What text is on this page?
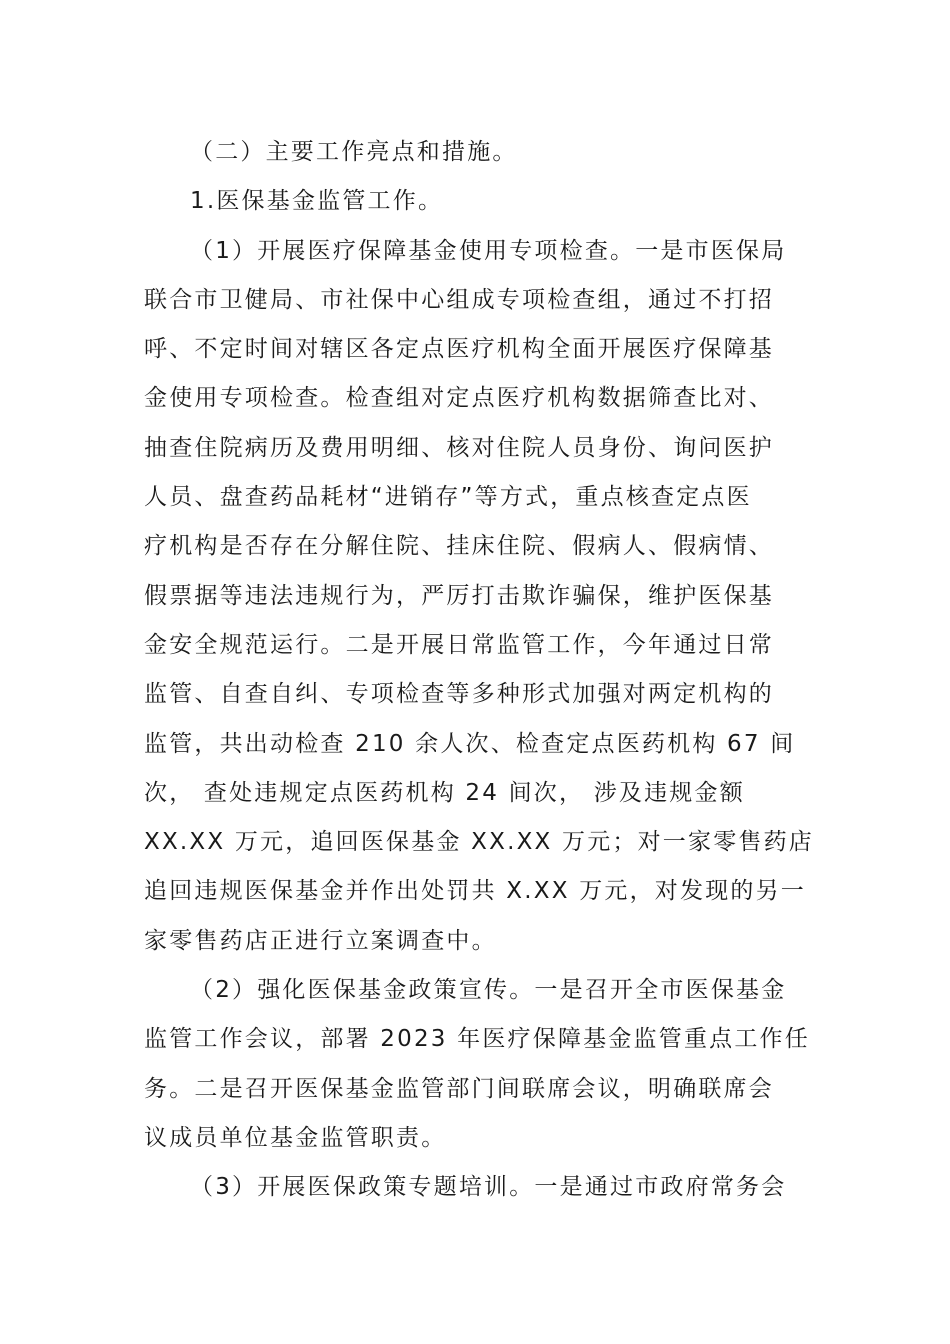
（二）主要工作亮点和措施。

1.医保基金监管工作。

（1）开展医疗保障基金使用专项检查。一是市医保局
联合市卫健局、市社保中心组成专项检查组，通过不打招
呼、不定时间对辖区各定点医疗机构全面开展医疗保障基
金使用专项检查。检查组对定点医疗机构数据筛查比对、
抽查住院病历及费用明细、核对住院人员身份、询问医护
人员、盘查药品耗材“进销存”等方式，重点核查定点医
疗机构是否存在分解住院、挂床住院、假病人、假病情、
假票据等违法违规行为，严厉打击欺诈骗保，维护医保基
金安全规范运行。二是开展日常监管工作，今年通过日常
监管、自查自纠、专项检查等多种形式加强对两定机构的
监管，共出动检查 210 余人次、检查定点医药机构 67 间
次， 查处违规定点医药机构 24 间次， 涉及违规金额
XX.XX 万元，追回医保基金 XX.XX 万元；对一家零售药店
追回违规医保基金并作出处罚共 X.XX 万元，对发现的另一
家零售药店正进行立案调查中。
（2）强化医保基金政策宣传。一是召开全市医保基金
监管工作会议，部署 2023 年医疗保障基金监管重点工作任
务。二是召开医保基金监管部门间联席会议，明确联席会
议成员单位基金监管职责。
（3）开展医保政策专题培训。一是通过市政府常务会
